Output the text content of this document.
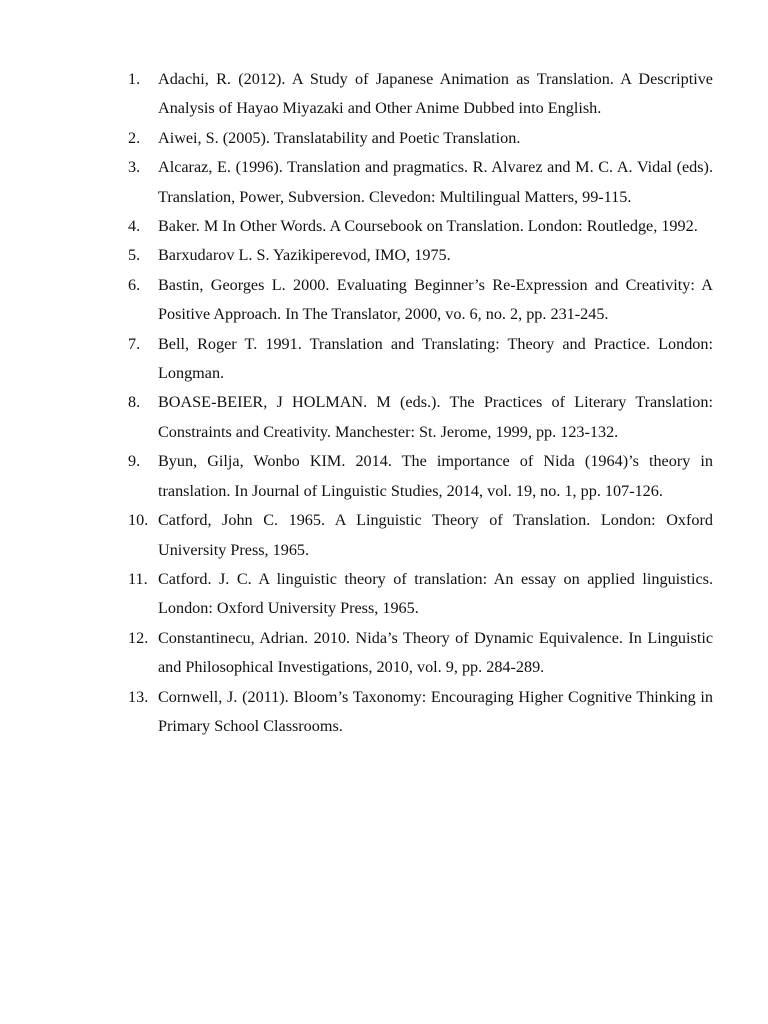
1.	Adachi, R. (2012). A Study of Japanese Animation as Translation. A Descriptive Analysis of Hayao Miyazaki and Other Anime Dubbed into English.
2.	Aiwei, S. (2005). Translatability and Poetic Translation.
3.	Alcaraz, E. (1996). Translation and pragmatics. R. Alvarez and M. C. A. Vidal (eds). Translation, Power, Subversion. Clevedon: Multilingual Matters, 99-115.
4.	Baker. M In Other Words. A Coursebook on Translation. London: Routledge, 1992.
5.	Barxudarov L. S. Yazikiperevod, IMO, 1975.
6.	Bastin, Georges L. 2000. Evaluating Beginner’s Re-Expression and Creativity: A Positive Approach. In The Translator, 2000, vo. 6, no. 2, pp. 231-245.
7.	Bell, Roger T. 1991. Translation and Translating: Theory and Practice. London: Longman.
8.	BOASE-BEIER, J HOLMAN. M (eds.). The Practices of Literary Translation: Constraints and Creativity. Manchester: St. Jerome, 1999, pp. 123-132.
9.	Byun, Gilja, Wonbo KIM. 2014. The importance of Nida (1964)’s theory in translation. In Journal of Linguistic Studies, 2014, vol. 19, no. 1, pp. 107-126.
10. Catford, John C. 1965. A Linguistic Theory of Translation. London: Oxford University Press, 1965.
11. Catford. J. C. A linguistic theory of translation: An essay on applied linguistics. London: Oxford University Press, 1965.
12. Constantinecu, Adrian. 2010. Nida’s Theory of Dynamic Equivalence. In Linguistic and Philosophical Investigations, 2010, vol. 9, pp. 284-289.
13. Cornwell, J. (2011). Bloom’s Taxonomy: Encouraging Higher Cognitive Thinking in Primary School Classrooms.
